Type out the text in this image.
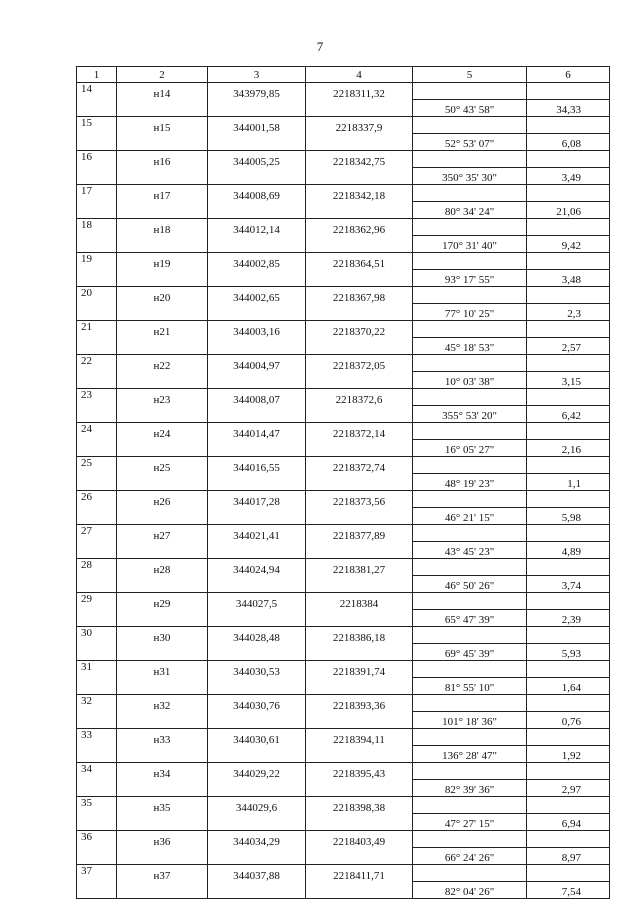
7
1	2	3	4	5	6
14	н14	343979,85	2218311,32		
				50° 43' 58"	34,33
15	н15	344001,58	2218337,9		
				52° 53' 07"	6,08
16	н16	344005,25	2218342,75		
				350° 35' 30"	3,49
17	н17	344008,69	2218342,18		
				80° 34' 24"	21,06
18	н18	344012,14	2218362,96		
				170° 31' 40"	9,42
19	н19	344002,85	2218364,51		
				93° 17' 55"	3,48
20	н20	344002,65	2218367,98		
				77° 10' 25"	2,3
21	н21	344003,16	2218370,22		
				45° 18' 53"	2,57
22	н22	344004,97	2218372,05		
				10° 03' 38"	3,15
23	н23	344008,07	2218372,6		
				355° 53' 20"	6,42
24	н24	344014,47	2218372,14		
				16° 05' 27"	2,16
25	н25	344016,55	2218372,74		
				48° 19' 23"	1,1
26	н26	344017,28	2218373,56		
				46° 21' 15"	5,98
27	н27	344021,41	2218377,89		
				43° 45' 23"	4,89
28	н28	344024,94	2218381,27		
				46° 50' 26"	3,74
29	н29	344027,5	2218384		
				65° 47' 39"	2,39
30	н30	344028,48	2218386,18		
				69° 45' 39"	5,93
31	н31	344030,53	2218391,74		
				81° 55' 10"	1,64
32	н32	344030,76	2218393,36		
				101° 18' 36"	0,76
33	н33	344030,61	2218394,11		
				136° 28' 47"	1,92
34	н34	344029,22	2218395,43		
				82° 39' 36"	2,97
35	н35	344029,6	2218398,38		
				47° 27' 15"	6,94
36	н36	344034,29	2218403,49		
				66° 24' 26"	8,97
37	н37	344037,88	2218411,71		
				82° 04' 26"	7,54
